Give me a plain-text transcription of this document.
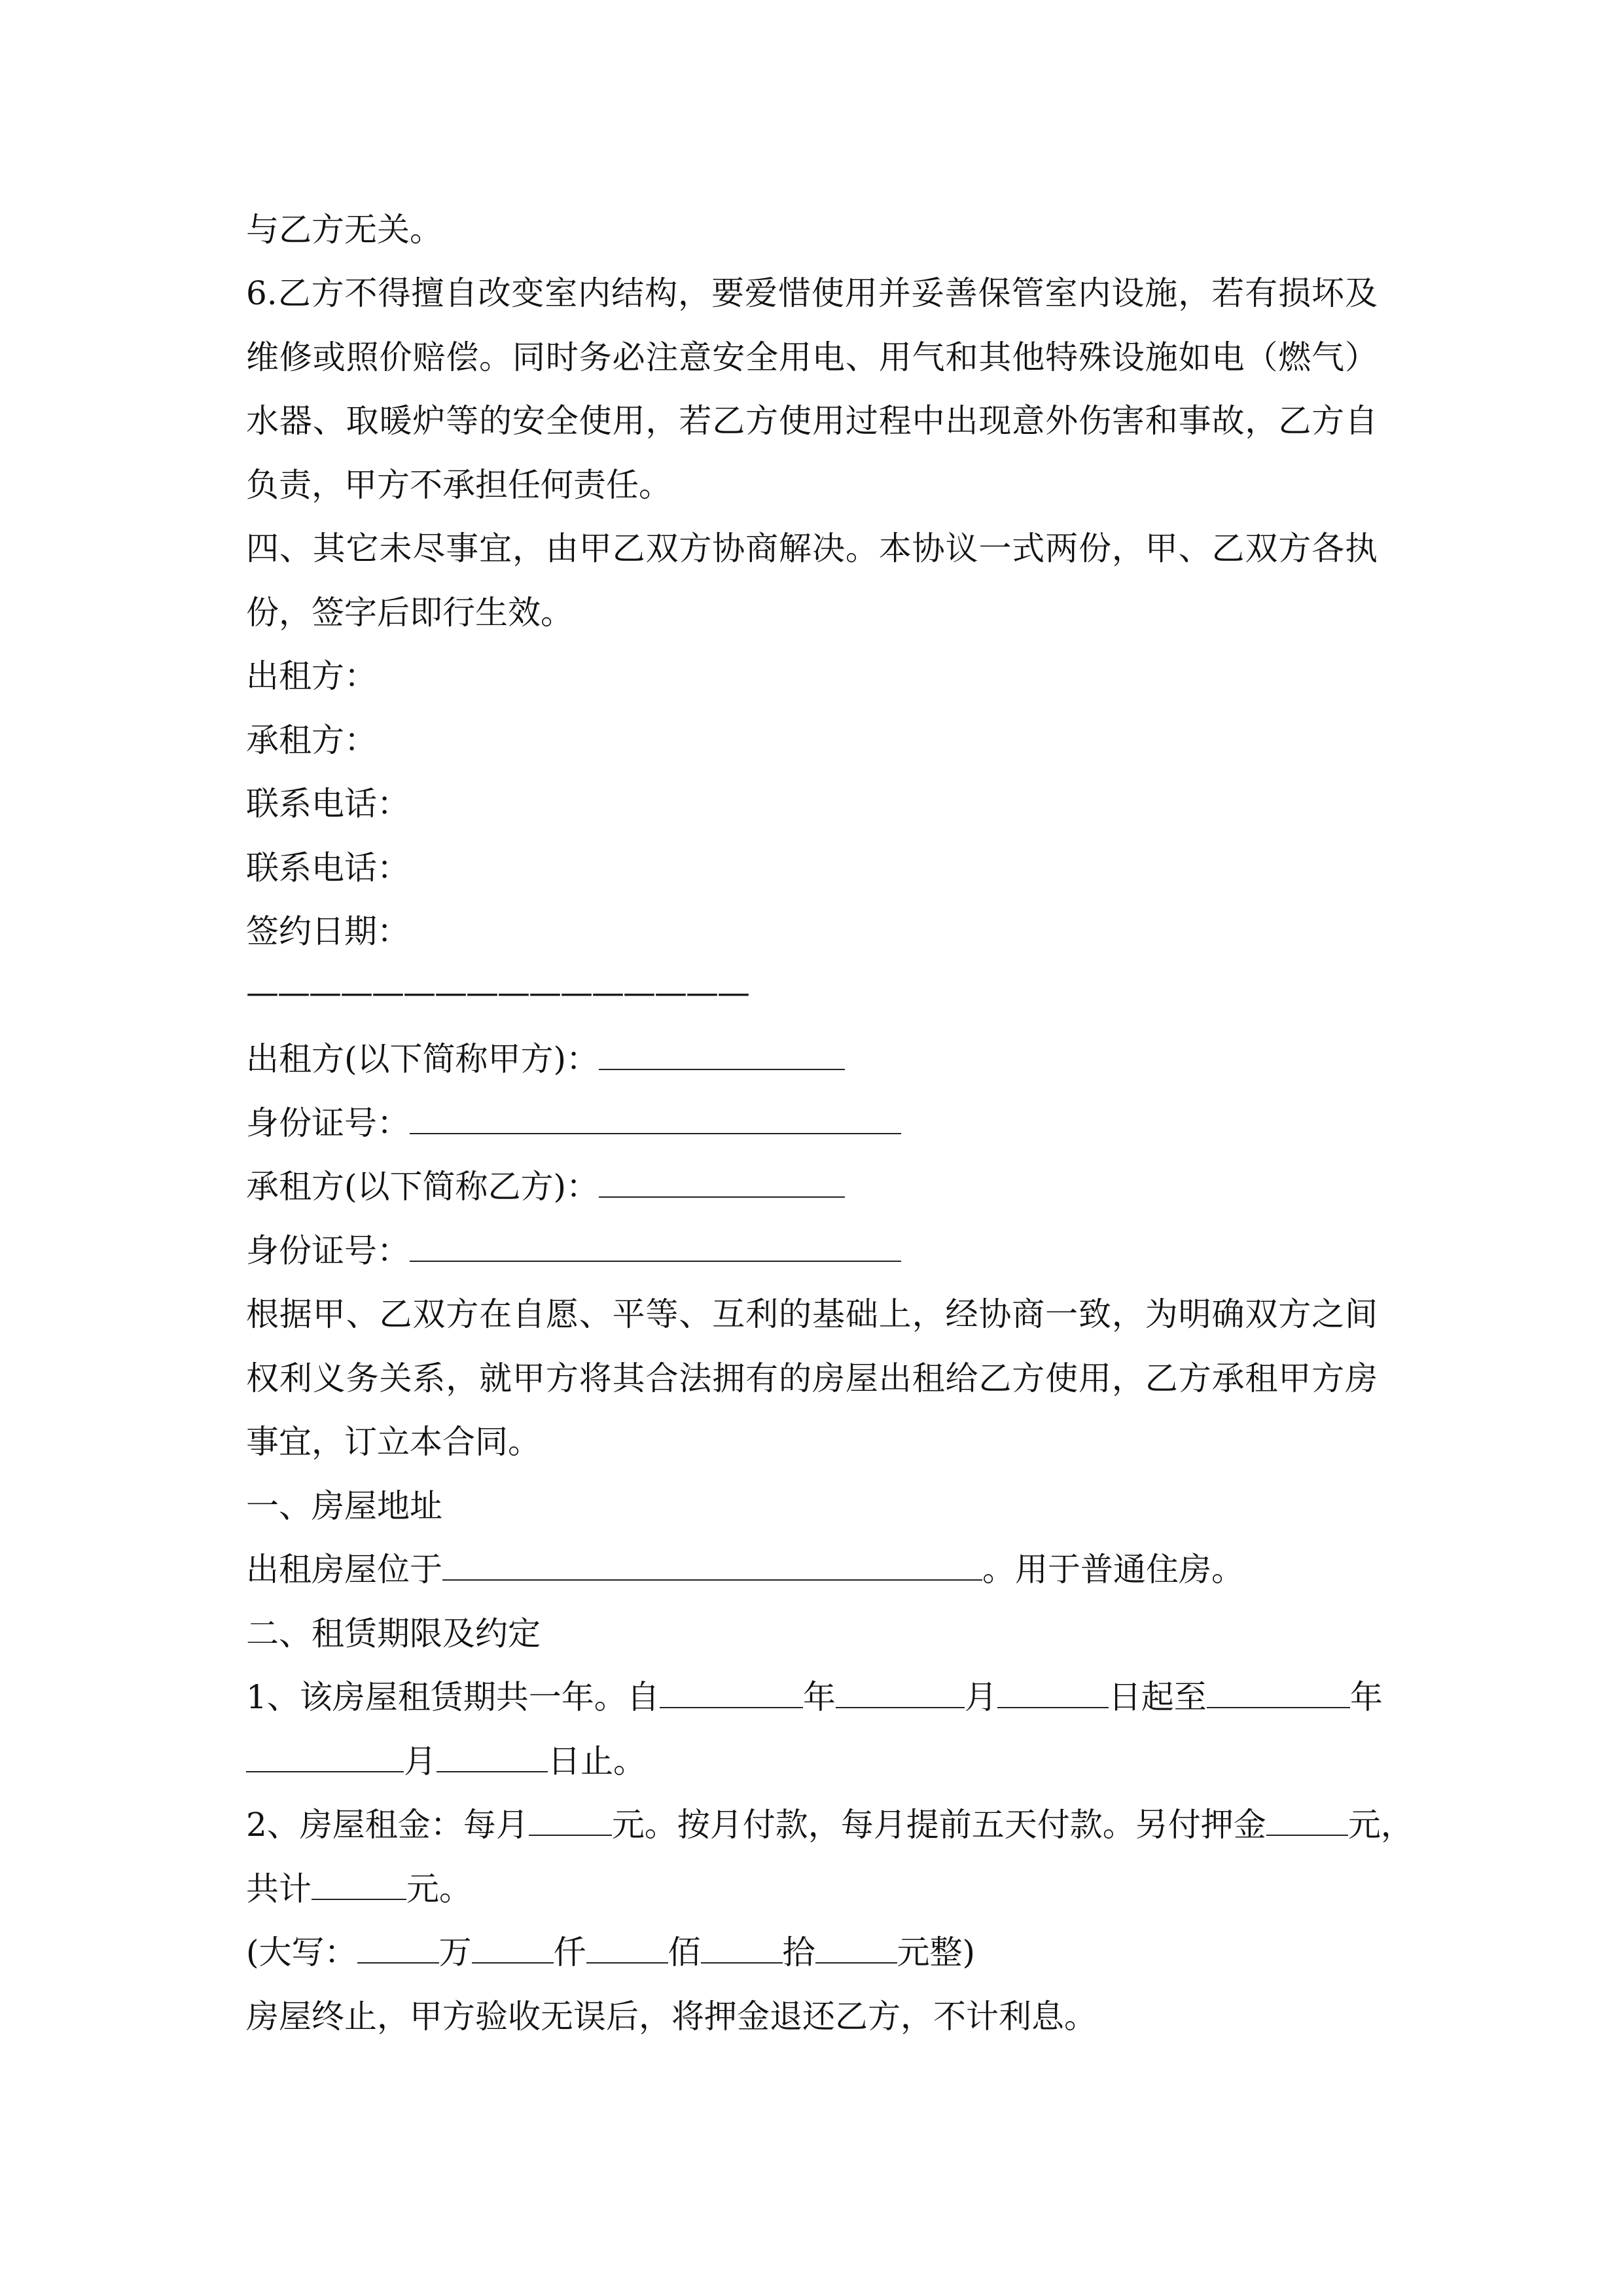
与乙方无关。
6.乙方不得擅自改变室内结构，要爱惜使用并妥善保管室内设施，若有损坏及
维修或照价赔偿。同时务必注意安全用电、用气和其他特殊设施如电（燃气）
水器、取暖炉等的安全使用，若乙方使用过程中出现意外伤害和事故，乙方自
负责，甲方不承担任何责任。
四、其它未尽事宜，由甲乙双方协商解决。本协议一式两份，甲、乙双方各执
份，签字后即行生效。
出租方：
承租方：
联系电话：
联系电话：
签约日期：
————————————————
出租方(以下简称甲方)：
身份证号：
承租方(以下简称乙方)：
身份证号：
根据甲、乙双方在自愿、平等、互利的基础上，经协商一致，为明确双方之间
权利义务关系，就甲方将其合法拥有的房屋出租给乙方使用，乙方承租甲方房
事宜，订立本合同。
一、房屋地址
出租房屋位于	。用于普通住房。
二、租赁期限及约定
1、该房屋租赁期共一年。自	年	月	日起至	年
月	日止。
2、房屋租金：每月	元。按月付款，每月提前五天付款。另付押金	元，
共计	元。
(大写：	万	仟	佰	拾	元整)
房屋终止，甲方验收无误后，将押金退还乙方，不计利息。
